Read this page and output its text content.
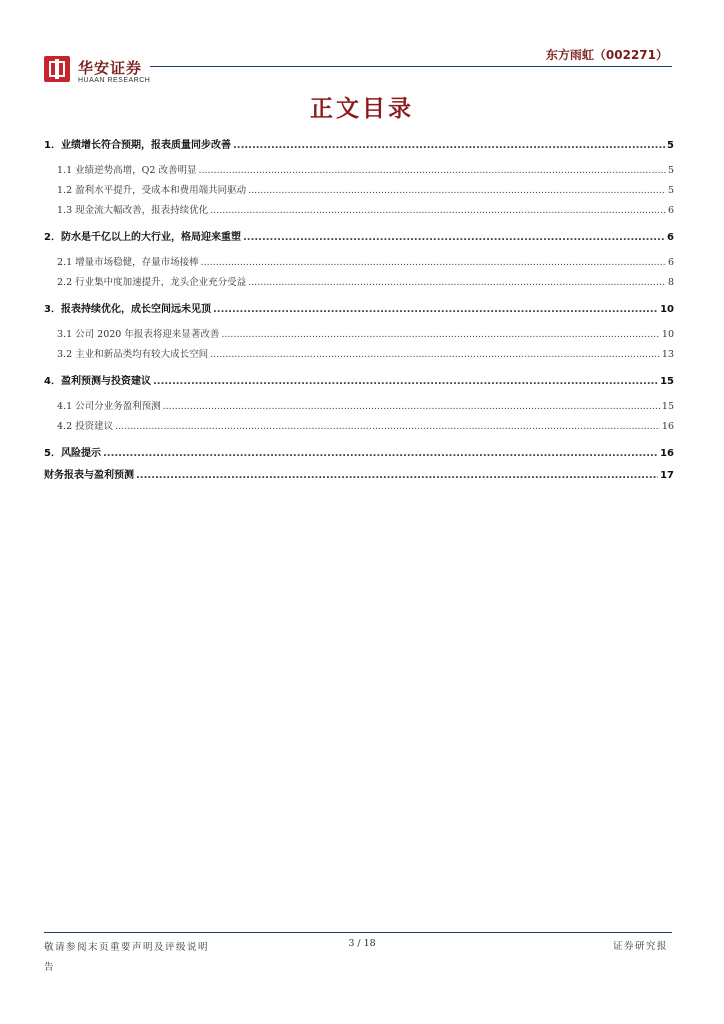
华安证券
HUAAN RESEARCH
东方雨虹（002271）
正文目录
1．业绩增长符合预期，报表质量同步改善 .....	5
1.1 业绩逆势高增，Q2 改善明显 .....	5
1.2 盈利水平提升，受成本和费用端共同驱动 .....	5
1.3 现金流大幅改善，报表持续优化 .....	6
2．防水是千亿以上的大行业，格局迎来重塑 .....	6
2.1 增量市场稳健，存量市场接棒 .....	6
2.2 行业集中度加速提升，龙头企业充分受益 .....	8
3．报表持续优化，成长空间远未见顶 .....	10
3.1 公司 2020 年报表将迎来显著改善 .....	10
3.2 主业和新品类均有较大成长空间 .....	13
4．盈利预测与投资建议 .....	15
4.1 公司分业务盈利预测 .....	15
4.2 投资建议 .....	16
5．风险提示 .....	16
财务报表与盈利预测 .....	17
敬请参阅末页重要声明及评级说明
告
3 / 18	证券研究报
